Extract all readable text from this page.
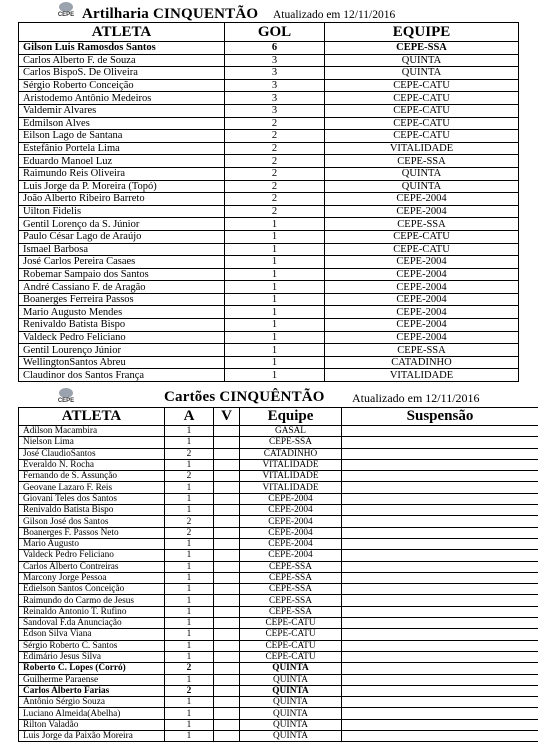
CEPE Artilharia CINQUENTÃO Atualizado em 12/11/2016
ATLETA	GOL	EQUIPE
Gilson Luis Ramosdos Santos	6	CEPE-SSA
Carlos Alberto F. de Souza	3	QUINTA
Carlos BispoS. De Oliveira	3	QUINTA
Sérgio Roberto Conceição	3	CEPE-CATU
Aristodemo Antônio Medeiros	3	CEPE-CATU
Valdemir Alvares	3	CEPE-CATU
Edmilson Alves	2	CEPE-CATU
Eilson Lago de Santana	2	CEPE-CATU
Estefânio Portela Lima	2	VITALIDADE
Eduardo Manoel Luz	2	CEPE-SSA
Raimundo Reis Oliveira	2	QUINTA
Luis Jorge da P. Moreira (Topó)	2	QUINTA
João Alberto Ribeiro Barreto	2	CEPE-2004
Uilton Fidelis	2	CEPE-2004
Gentil Lorenço da S. Júnior	1	CEPE-SSA
Paulo César Lago de Araújo	1	CEPE-CATU
Ismael Barbosa	1	CEPE-CATU
José Carlos Pereira Casaes	1	CEPE-2004
Robemar Sampaio dos Santos	1	CEPE-2004
André Cassiano F. de Aragão	1	CEPE-2004
Boanerges Ferreira Passos	1	CEPE-2004
Mario Augusto Mendes	1	CEPE-2004
Renivaldo Batista Bispo	1	CEPE-2004
Valdeck Pedro Feliciano	1	CEPE-2004
Gentil Lourenço Júnior	1	CEPE-SSA
WellingtonSantos Abreu	1	CATADINHO
Claudinor dos Santos França	1	VITALIDADE
CEPE	Cartões CINQUÊNTÃO Atualizado em 12/11/2016
ATLETA	A	V	Equipe	Suspensão
Adilson Macambira	1		GASAL	
Nielson Lima	1		CEPE-SSA	
José ClaudioSantos	2		CATADINHO	
Everaldo N. Rocha	1		VITALIDADE	
Fernando de S. Assunção	2		VITALIDADE	
Geovane Lazaro F. Reis	1		VITALIDADE	
Giovani Teles dos Santos	1		CEPE-2004	
Renivaldo Batista Bispo	1		CEPE-2004	
Gilson José dos Santos	2		CEPE-2004	
Boanerges F. Passos Neto	2		CEPE-2004	
Mario Augusto	1		CEPE-2004	
Valdeck Pedro Feliciano	1		CEPE-2004	
Carlos Alberto Contreiras	1		CEPE-SSA	
Marcony Jorge Pessoa	1		CEPE-SSA	
Edielson Santos Conceição	1		CEPE-SSA	
Raimundo do Carmo de Jesus	1		CEPE-SSA	
Reinaldo Antonio T. Rufino	1		CEPE-SSA	
Sandoval F.da Anunciação	1		CEPE-CATU	
Edson Silva Viana	1		CEPE-CATU	
Sérgio Roberto C. Santos	1		CEPE-CATU	
Edimário Jesus Silva	1		CEPE-CATU	
Roberto C. Lopes (Corró)	2		QUINTA	
Guilherme Paraense	1		QUINTA	
Carlos Alberto Farias	2		QUINTA	
Antônio Sérgio Souza	1		QUINTA	
Luciano Almeida(Abelha)	1		QUINTA	
Rilton Valadão	1		QUINTA	
Luis Jorge da Paixão Moreira	1		QUINTA	
